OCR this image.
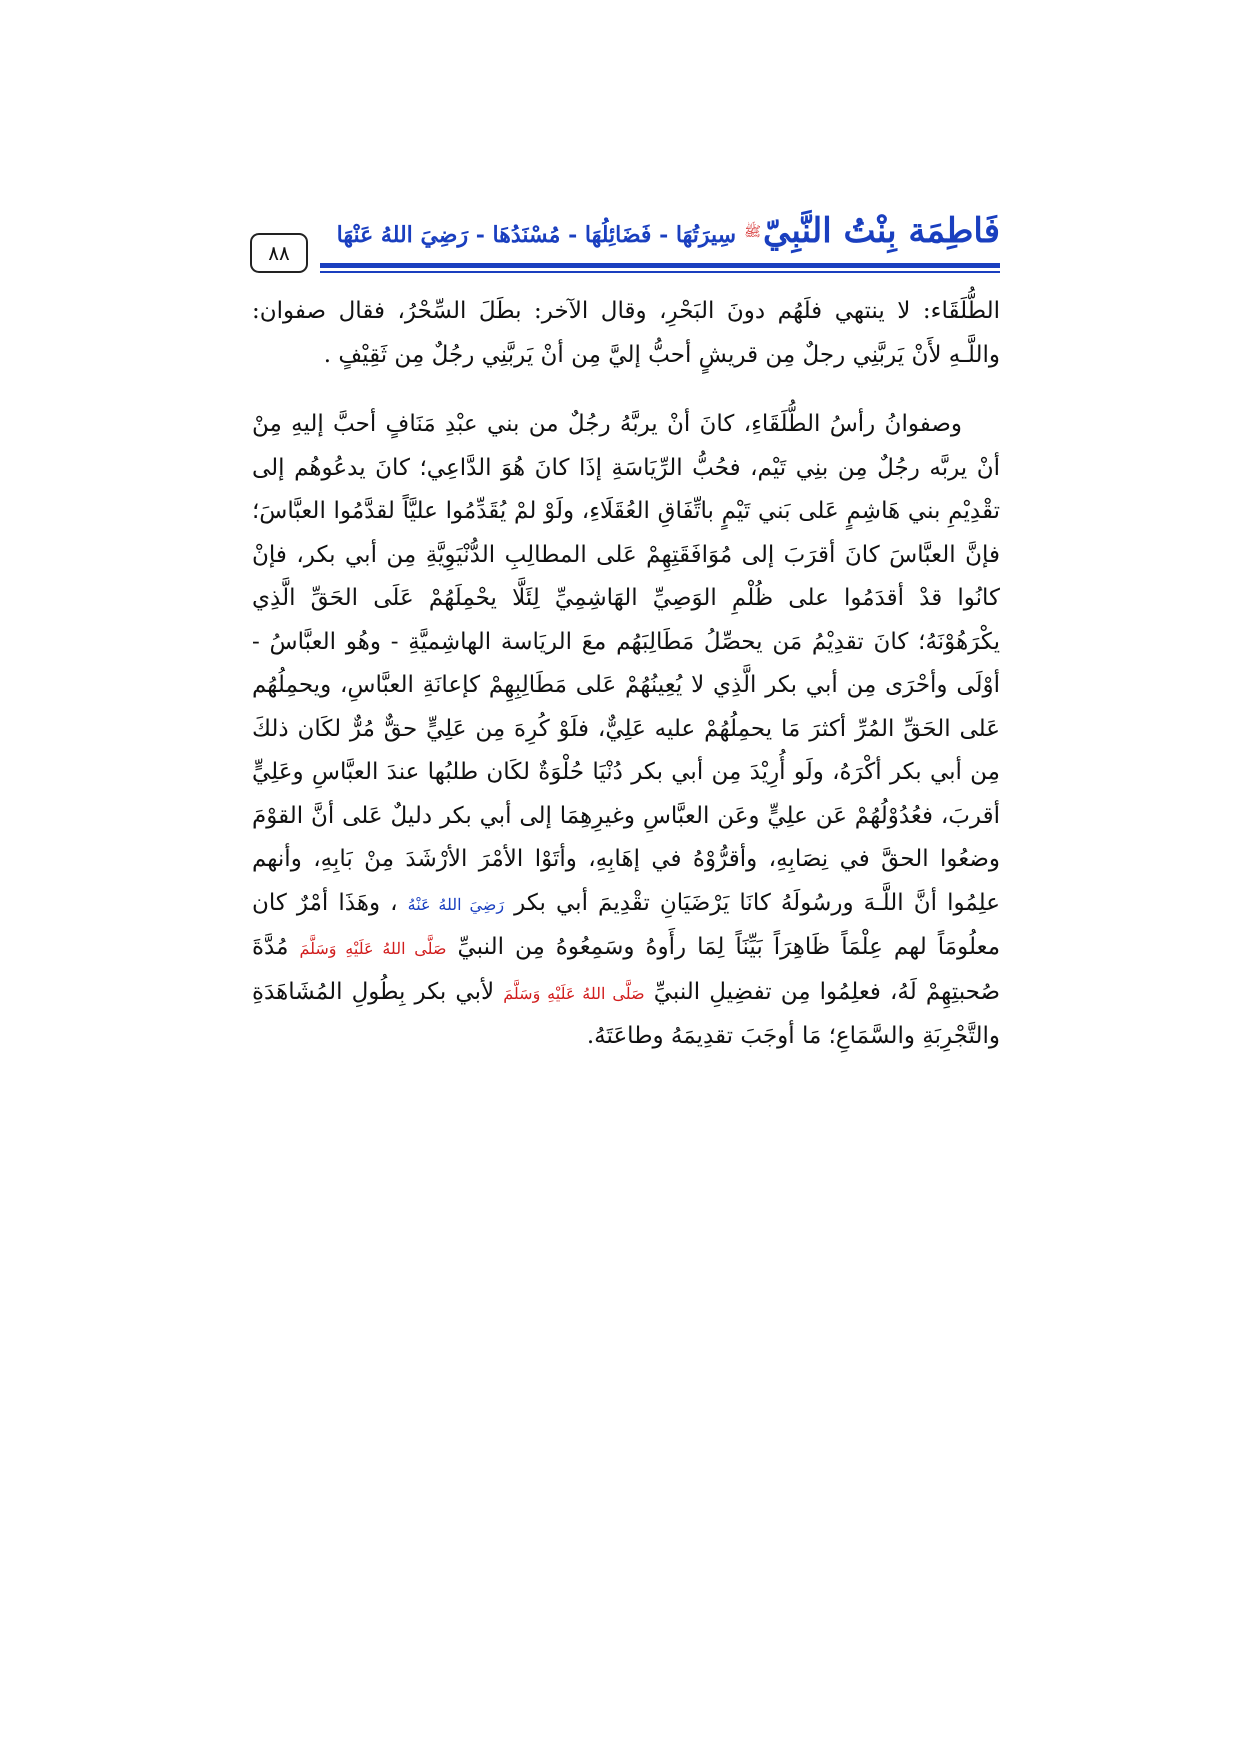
٨٨
فَاطِمَة بِنْتُ النَّبِيّﷺسِيرَتُهَا - فَضَائِلُهَا - مُسْنَدُهَا - رَضِيَ اللهُ عَنْهَا

الطُّلَقَاء: لا ينتهي فلَهُم دونَ البَحْرِ، وقال الآخر: بطَلَ السِّحْرُ، فقال صفوان: واللَّـهِ لأَنْ يَربَّنِي رجلٌ مِن قريشٍ أحبُّ إليَّ مِن أنْ يَربَّنِي رجُلٌ مِن ثَقِيْفٍ .

وصفوانُ رأسُ الطُّلَقَاءِ، كانَ أنْ يربَّهُ رجُلٌ من بني عبْدِ مَنَافٍ أحبَّ إليهِ مِنْ أنْ يربَّه رجُلٌ مِن بنِي تَيْم، فحُبُّ الرِّيَاسَةِ إذَا كانَ هُوَ الدَّاعِي؛ كانَ يدعُوهُم إلى تقْدِيْمِ بني هَاشِمٍ عَلى بَني تَيْمٍ باتِّفَاقِ العُقَلَاءِ، ولَوْ لمْ يُقَدِّمُوا عليَّاً لقدَّمُوا العبَّاسَ؛ فإنَّ العبَّاسَ كانَ أقرَبَ إلى مُوَافَقَتِهِمْ عَلى المطالِبِ الدُّنْيَوِيَّةِ مِن أبي بكر، فإنْ كانُوا قدْ أقدَمُوا على ظُلْمِ الوَصِيِّ الهَاشِمِيِّ لِئَلَّا يحْمِلَهُمْ عَلَى الحَقِّ الَّذِي يكْرَهُوْنَهُ؛ كانَ تقدِيْمُ مَن يحصِّلُ مَطَالِبَهُم معَ الريَاسة الهاشِميَّةِ - وهُو العبَّاسُ - أوْلَى وأحْرَى مِن أبي بكر الَّذِي لا يُعِينُهُمْ عَلى مَطَالِبِهِمْ كإعانَةِ العبَّاسِ، ويحمِلُهُم عَلى الحَقِّ المُرِّ أكثرَ مَا يحمِلُهُمْ عليه عَلِيٌّ، فلَوْ كُرِهَ مِن عَلِيٍّ حقٌّ مُرٌّ لكَان ذلكَ مِن أبي بكر أكْرَهُ، ولَو أُرِيْدَ مِن أبي بكر دُنْيَا حُلْوَةٌ لكَان طلبُها عندَ العبَّاسِ وعَلِيٍّ أقربَ، فعُدُوْلُهُمْ عَن علِيٍّ وعَن العبَّاسِ وغيرِهِمَا إلى أبي بكر دليلٌ عَلى أنَّ القوْمَ وضعُوا الحقَّ في نِصَابِهِ، وأقرُّوْهُ في إهَابِهِ، وأتَوْا الأمْرَ الأرْشَدَ مِنْ بَابِهِ، وأنهم علِمُوا أنَّ اللَّـهَ ورسُولَهُ كانَا يَرْضَيَانِ تقْدِيمَ أبي بكر رَضِيَ اللهُ عَنْهُ ، وهَذَا أمْرٌ كان معلُومَاً لهم عِلْمَاً ظَاهِرَاً بَيِّنَاً لِمَا رأَوهُ وسَمِعُوهُ مِن النبيِّ صَلَّى اللهُ عَلَيْهِ وَسَلَّمَ مُدَّةَ صُحبتِهِمْ لَهُ، فعلِمُوا مِن تفضِيلِ النبيِّ صَلَّى اللهُ عَلَيْهِ وَسَلَّمَ لأبي بكر بِطُولِ المُشَاهَدَةِ والتَّجْرِبَةِ والسَّمَاعِ؛ مَا أوجَبَ تقدِيمَهُ وطاعَتَهُ.
